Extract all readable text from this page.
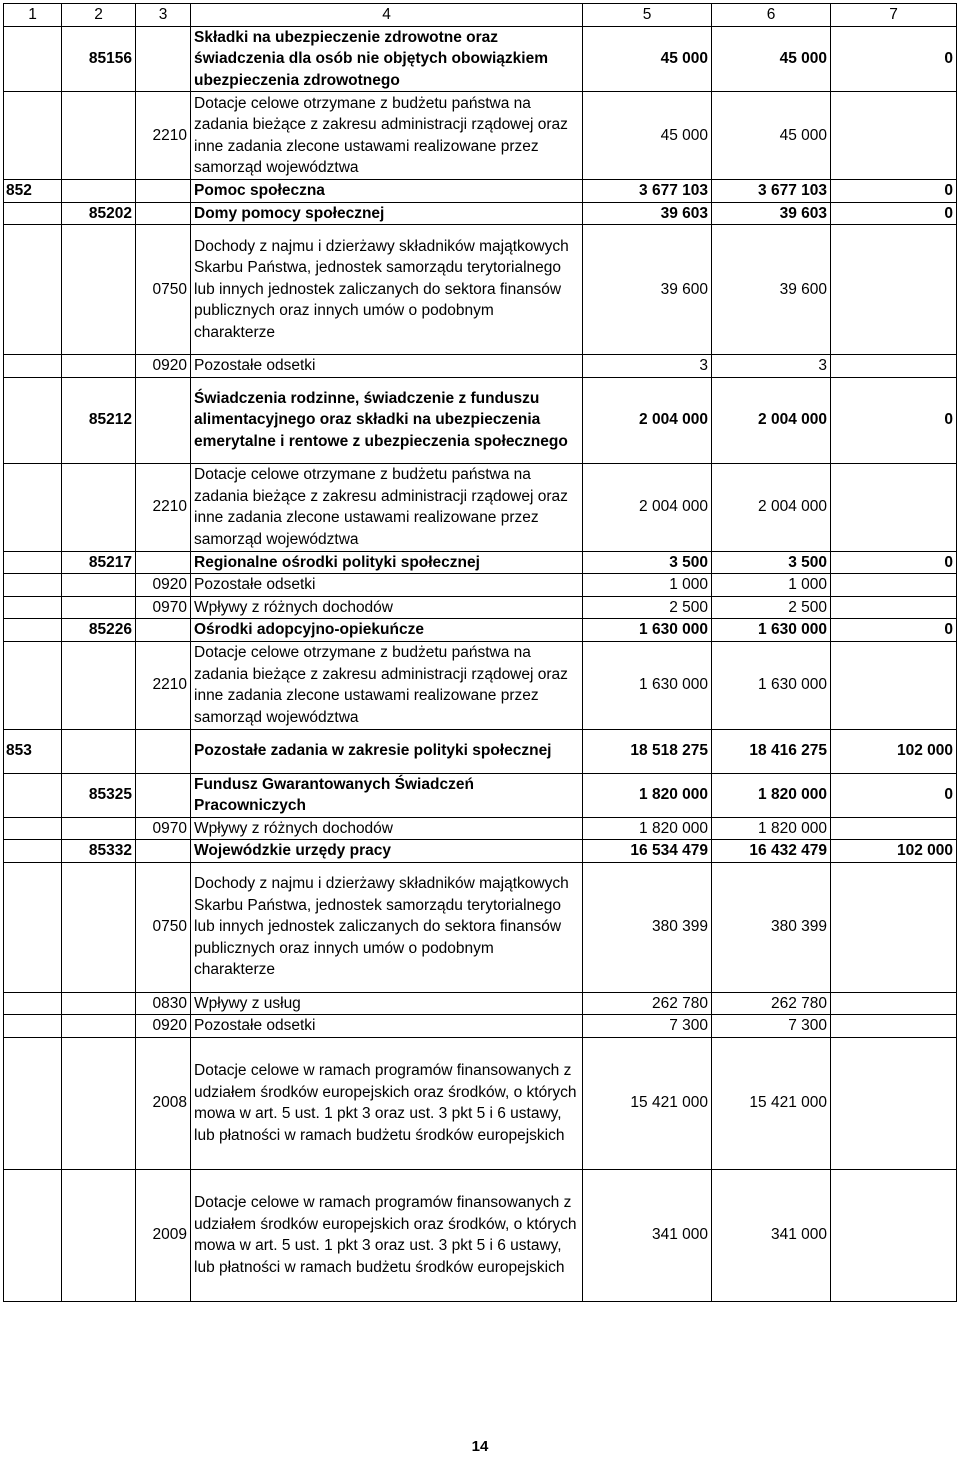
1	2	3	4	5	6	7
	85156		Składki na ubezpieczenie zdrowotne oraz świadczenia dla osób nie objętych obowiązkiem ubezpieczenia zdrowotnego	45 000	45 000	0
		2210	Dotacje celowe otrzymane z budżetu państwa na zadania bieżące z zakresu administracji rządowej oraz inne zadania zlecone ustawami realizowane przez samorząd województwa	45 000	45 000	
852			Pomoc społeczna	3 677 103	3 677 103	0
	85202		Domy pomocy społecznej	39 603	39 603	0
		0750	Dochody z najmu i dzierżawy składników majątkowych Skarbu Państwa, jednostek samorządu terytorialnego lub innych jednostek zaliczanych do sektora finansów publicznych oraz innych umów o podobnym charakterze	39 600	39 600	
		0920	Pozostałe odsetki	3	3	
	85212		Świadczenia rodzinne, świadczenie z funduszu alimentacyjnego oraz składki na ubezpieczenia emerytalne i rentowe z ubezpieczenia społecznego	2 004 000	2 004 000	0
		2210	Dotacje celowe otrzymane z budżetu państwa na zadania bieżące z zakresu administracji rządowej oraz inne zadania zlecone ustawami realizowane przez samorząd województwa	2 004 000	2 004 000	
	85217		Regionalne ośrodki polityki społecznej	3 500	3 500	0
		0920	Pozostałe odsetki	1 000	1 000	
		0970	Wpływy z różnych dochodów	2 500	2 500	
	85226		Ośrodki adopcyjno-opiekuńcze	1 630 000	1 630 000	0
		2210	Dotacje celowe otrzymane z budżetu państwa na zadania bieżące z zakresu administracji rządowej oraz inne zadania zlecone ustawami realizowane przez samorząd województwa	1 630 000	1 630 000	
853			Pozostałe zadania w zakresie polityki społecznej	18 518 275	18 416 275	102 000
	85325		Fundusz Gwarantowanych Świadczeń Pracowniczych	1 820 000	1 820 000	0
		0970	Wpływy z różnych dochodów	1 820 000	1 820 000	
	85332		Wojewódzkie urzędy pracy	16 534 479	16 432 479	102 000
		0750	Dochody z najmu i dzierżawy składników majątkowych Skarbu Państwa, jednostek samorządu terytorialnego lub innych jednostek zaliczanych do sektora finansów publicznych oraz innych umów o podobnym charakterze	380 399	380 399	
		0830	Wpływy z usług	262 780	262 780	
		0920	Pozostałe odsetki	7 300	7 300	
		2008	Dotacje celowe w ramach programów finansowanych z udziałem środków europejskich oraz środków, o których mowa w art. 5 ust. 1 pkt 3 oraz ust. 3 pkt 5 i 6 ustawy, lub płatności w ramach budżetu środków europejskich	15 421 000	15 421 000	
		2009	Dotacje celowe w ramach programów finansowanych z udziałem środków europejskich oraz środków, o których mowa w art. 5 ust. 1 pkt 3 oraz ust. 3 pkt 5 i 6 ustawy, lub płatności w ramach budżetu środków europejskich	341 000	341 000	
14
